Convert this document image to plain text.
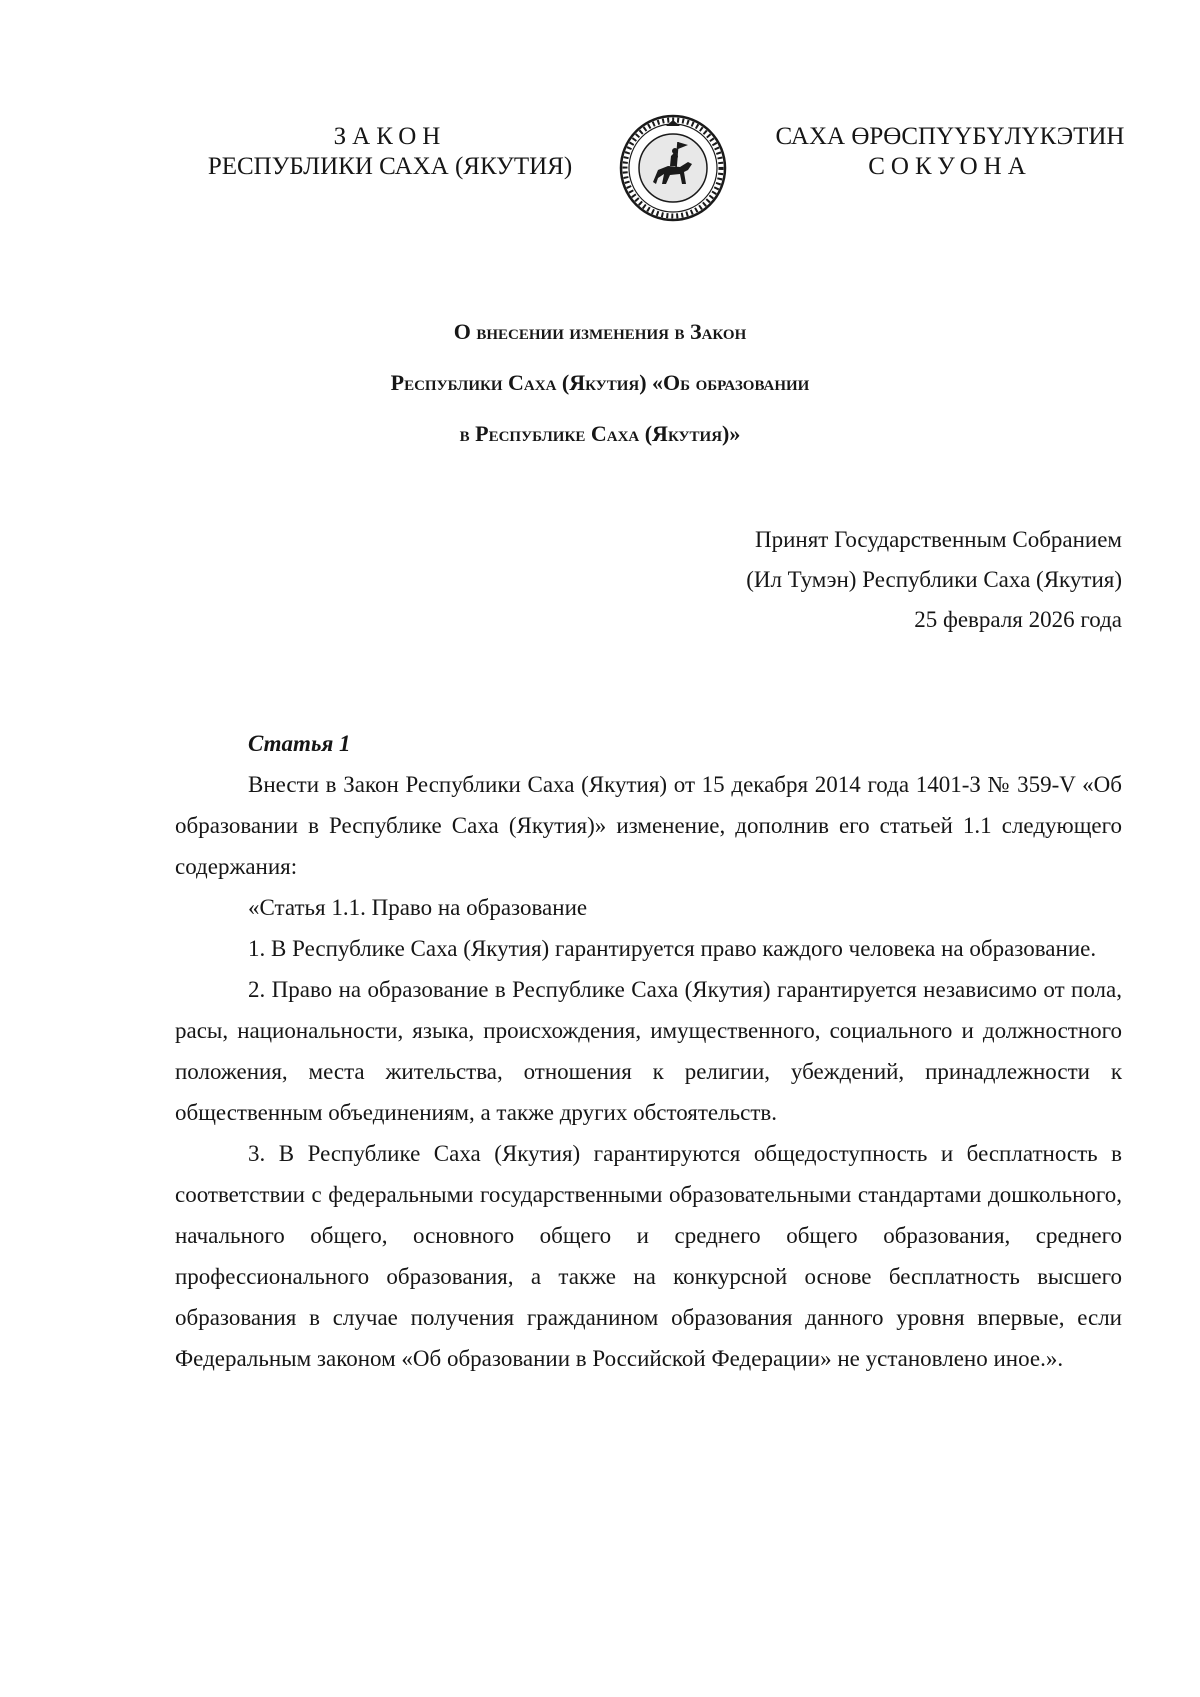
ЗАКОН
РЕСПУБЛИКИ САХА (ЯКУТИЯ)
САХА ӨРӨСПҮҮБҮЛҮКЭТИН
СОКУОНА
О внесении изменения в Закон
Республики Саха (Якутия) «Об образовании
в Республике Саха (Якутия)»
Принят Государственным Собранием
(Ил Тумэн) Республики Саха (Якутия)
25 февраля 2026 года

Статья 1

Внести в Закон Республики Саха (Якутия) от 15 декабря 2014 года 1401-З № 359-V «Об образовании в Республике Саха (Якутия)» изменение, дополнив его статьей 1.1 следующего содержания:

«Статья 1.1. Право на образование

1. В Республике Саха (Якутия) гарантируется право каждого человека на образование.

2. Право на образование в Республике Саха (Якутия) гарантируется независимо от пола, расы, национальности, языка, происхождения, имущественного, социального и должностного положения, места жительства, отношения к религии, убеждений, принадлежности к общественным объединениям, а также других обстоятельств.

3. В Республике Саха (Якутия) гарантируются общедоступность и бесплатность в соответствии с федеральными государственными образовательными стандартами дошкольного, начального общего, основного общего и среднего общего образования, среднего профессионального образования, а также на конкурсной основе бесплатность высшего образования в случае получения гражданином образования данного уровня впервые, если Федеральным законом «Об образовании в Российской Федерации» не установлено иное.».
